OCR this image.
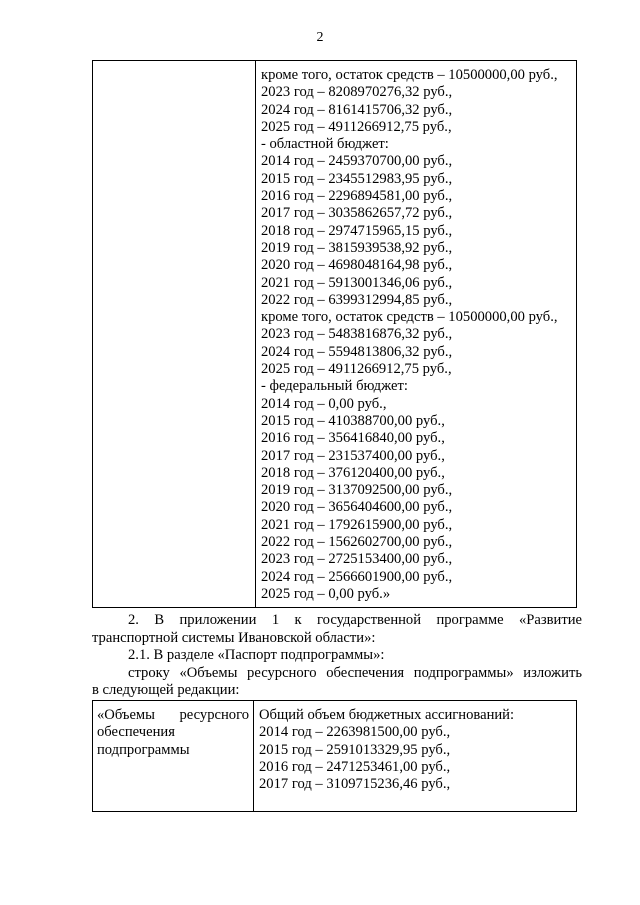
2
кроме того, остаток средств – 10500000,00 руб.,
2023 год – 8208970276,32 руб.,
2024 год – 8161415706,32 руб.,
2025 год – 4911266912,75 руб.,
- областной бюджет:
2014 год – 2459370700,00 руб.,
2015 год – 2345512983,95 руб.,
2016 год – 2296894581,00 руб.,
2017 год – 3035862657,72 руб.,
2018 год – 2974715965,15 руб.,
2019 год – 3815939538,92 руб.,
2020 год – 4698048164,98 руб.,
2021 год – 5913001346,06 руб.,
2022 год – 6399312994,85 руб.,
кроме того, остаток средств – 10500000,00 руб.,
2023 год – 5483816876,32 руб.,
2024 год – 5594813806,32 руб.,
2025 год – 4911266912,75 руб.,
- федеральный бюджет:
2014 год – 0,00 руб.,
2015 год – 410388700,00 руб.,
2016 год – 356416840,00 руб.,
2017 год – 231537400,00 руб.,
2018 год – 376120400,00 руб.,
2019 год – 3137092500,00 руб.,
2020 год – 3656404600,00 руб.,
2021 год – 1792615900,00 руб.,
2022 год – 1562602700,00 руб.,
2023 год – 2725153400,00 руб.,
2024 год – 2566601900,00 руб.,
2025 год – 0,00 руб.»
2. В приложении 1 к государственной программе «Развитие
транспортной системы Ивановской области»:
2.1. В разделе «Паспорт подпрограммы»:
строку «Объемы ресурсного обеспечения подпрограммы» изложить
в следующей редакции:
«Объемы ресурсного
обеспечения
подпрограммы
Общий объем бюджетных ассигнований:
2014 год – 2263981500,00 руб.,
2015 год – 2591013329,95 руб.,
2016 год – 2471253461,00 руб.,
2017 год – 3109715236,46 руб.,
